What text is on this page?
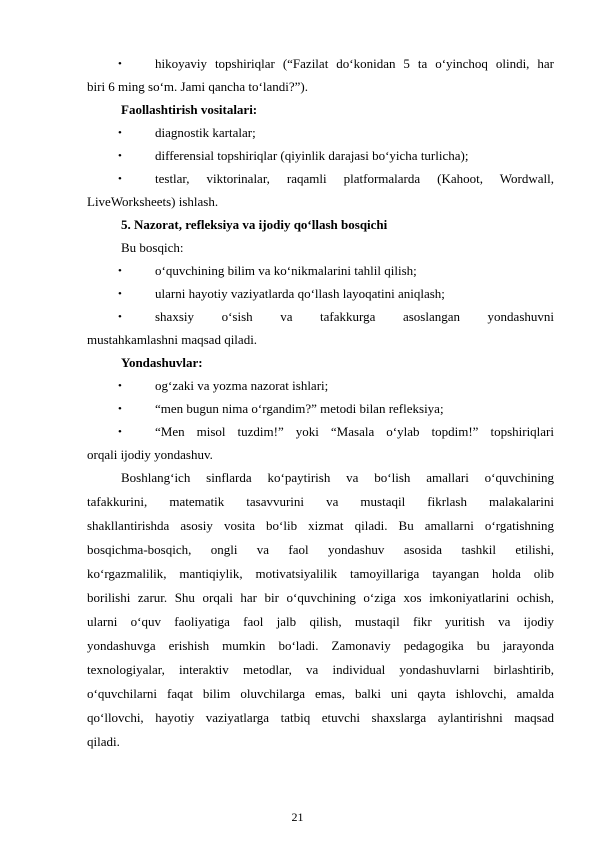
•	hikoyaviy topshiriqlar (“Fazilat do‘konidan 5 ta o‘yinchoq olindi, har
biri 6 ming so‘m. Jami qancha to‘landi?”).
Faollashtirish vositalari:
•	diagnostik kartalar;
•	differensial topshiriqlar (qiyinlik darajasi bo‘yicha turlicha);
•	testlar, viktorinalar, raqamli platformalarda (Kahoot, Wordwall,
LiveWorksheets) ishlash.
5. Nazorat, refleksiya va ijodiy qo‘llash bosqichi
Bu bosqich:
•	o‘quvchining bilim va ko‘nikmalarini tahlil qilish;
•	ularni hayotiy vaziyatlarda qo‘llash layoqatini aniqlash;
•	shaxsiy o‘sish va tafakkurga asoslangan yondashuvni
mustahkamlashni maqsad qiladi.
Yondashuvlar:
•	og‘zaki va yozma nazorat ishlari;
•	“men bugun nima o‘rgandim?” metodi bilan refleksiya;
•	“Men misol tuzdim!” yoki “Masala o‘ylab topdim!” topshiriqlari
orqali ijodiy yondashuv.
Boshlang‘ich sinflarda ko‘paytirish va bo‘lish amallari o‘quvchining
tafakkurini, matematik tasavvurini va mustaqil fikrlash malakalarini
shakllantirishda asosiy vosita bo‘lib xizmat qiladi. Bu amallarni o‘rgatishning
bosqichma-bosqich, ongli va faol yondashuv asosida tashkil etilishi,
ko‘rgazmalilik, mantiqiylik, motivatsiyalilik tamoyillariga tayangan holda olib
borilishi zarur. Shu orqali har bir o‘quvchining o‘ziga xos imkoniyatlarini ochish,
ularni o‘quv faoliyatiga faol jalb qilish, mustaqil fikr yuritish va ijodiy
yondashuvga erishish mumkin bo‘ladi. Zamonaviy pedagogika bu jarayonda
texnologiyalar, interaktiv metodlar, va individual yondashuvlarni birlashtirib,
o‘quvchilarni faqat bilim oluvchilarga emas, balki uni qayta ishlovchi, amalda
qo‘llovchi, hayotiy vaziyatlarga tatbiq etuvchi shaxslarga aylantirishni maqsad
qiladi.
21
